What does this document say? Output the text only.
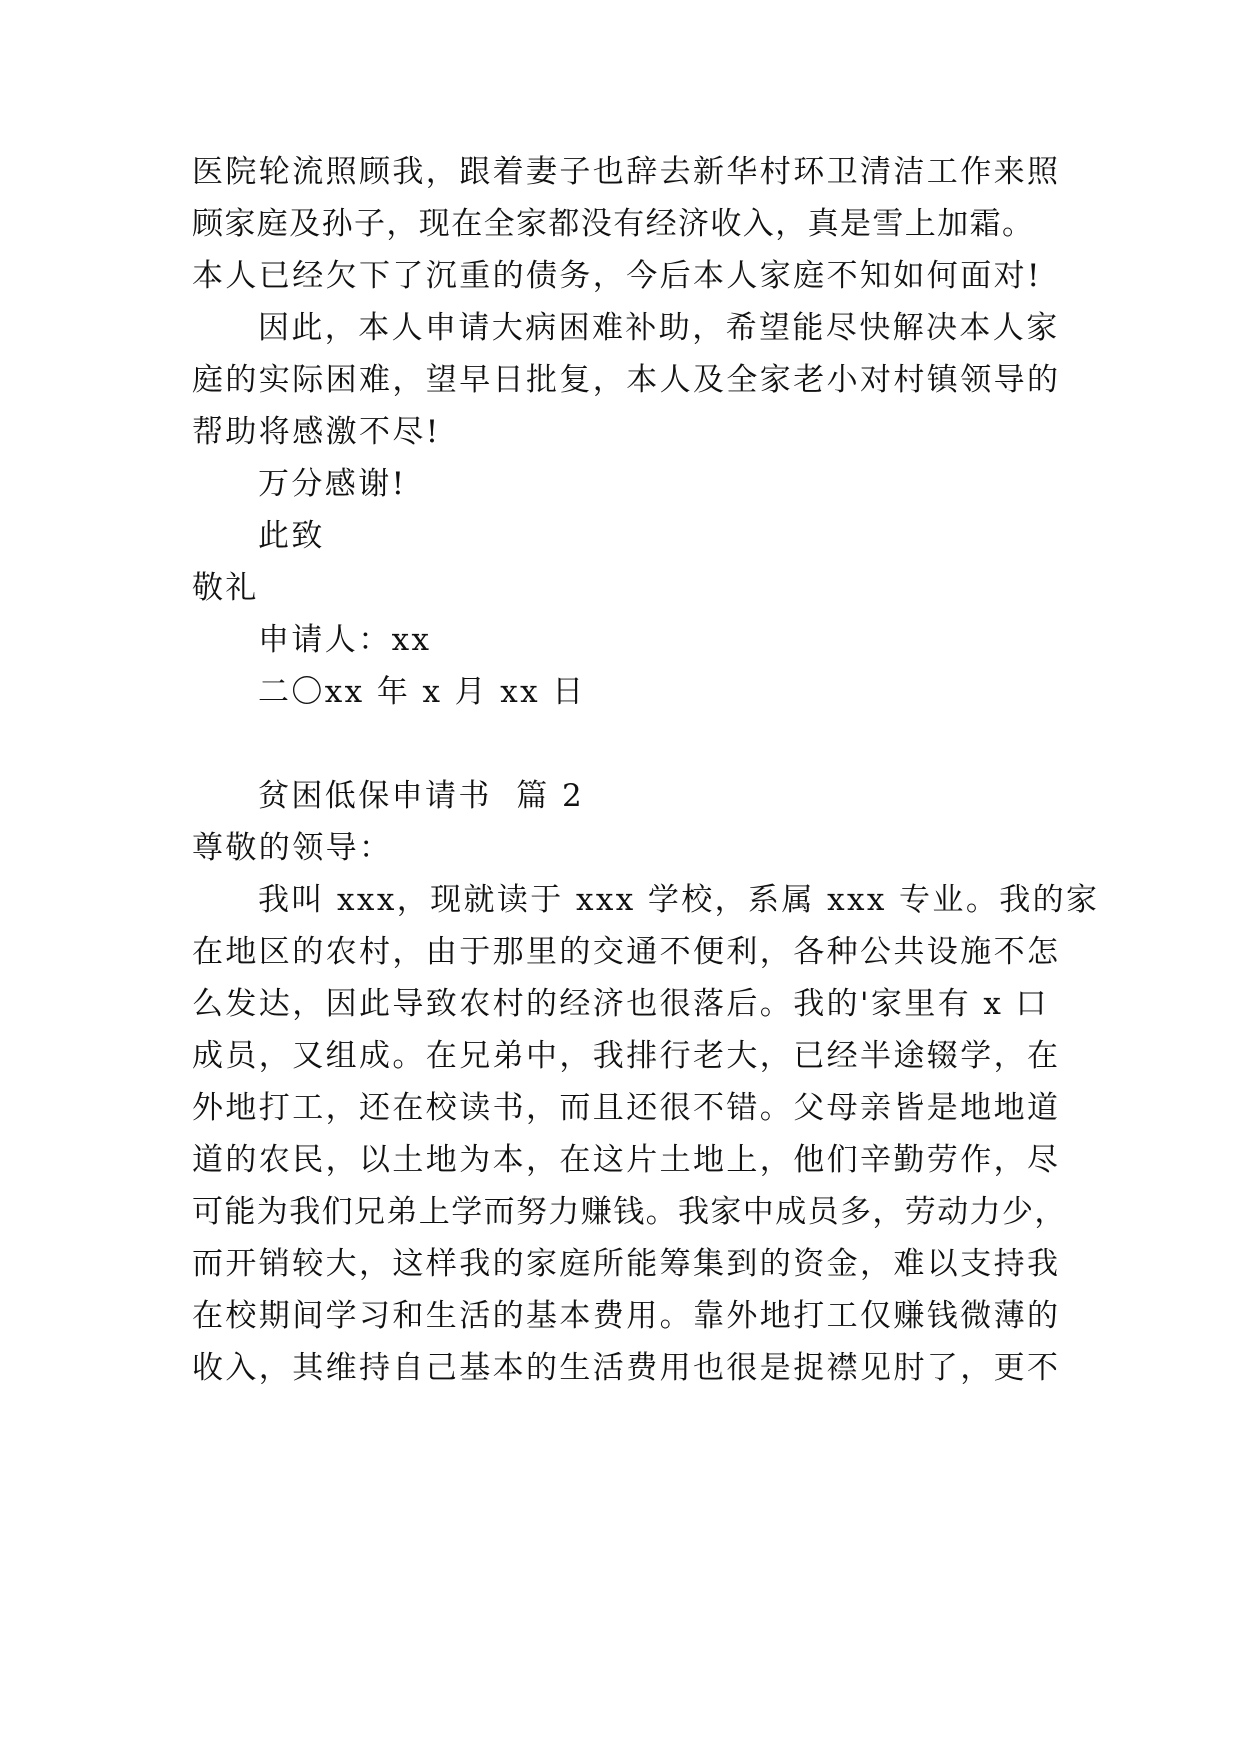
医院轮流照顾我，跟着妻子也辞去新华村环卫清洁工作来照
顾家庭及孙子，现在全家都没有经济收入，真是雪上加霜。
本人已经欠下了沉重的债务，今后本人家庭不知如何面对!
因此，本人申请大病困难补助，希望能尽快解决本人家
庭的实际困难，望早日批复，本人及全家老小对村镇领导的
帮助将感激不尽!
万分感谢!
此致
敬礼
申请人：xx
二〇xx 年 x 月 xx 日
贫困低保申请书  篇 2
尊敬的领导：
我叫 xxx，现就读于 xxx 学校，系属 xxx 专业。我的家
在地区的农村，由于那里的交通不便利，各种公共设施不怎
么发达，因此导致农村的经济也很落后。我的'家里有 x 口
成员，又组成。在兄弟中，我排行老大，已经半途辍学，在
外地打工，还在校读书，而且还很不错。父母亲皆是地地道
道的农民，以土地为本，在这片土地上，他们辛勤劳作，尽
可能为我们兄弟上学而努力赚钱。我家中成员多，劳动力少，
而开销较大，这样我的家庭所能筹集到的资金，难以支持我
在校期间学习和生活的基本费用。靠外地打工仅赚钱微薄的
收入，其维持自己基本的生活费用也很是捉襟见肘了，更不
